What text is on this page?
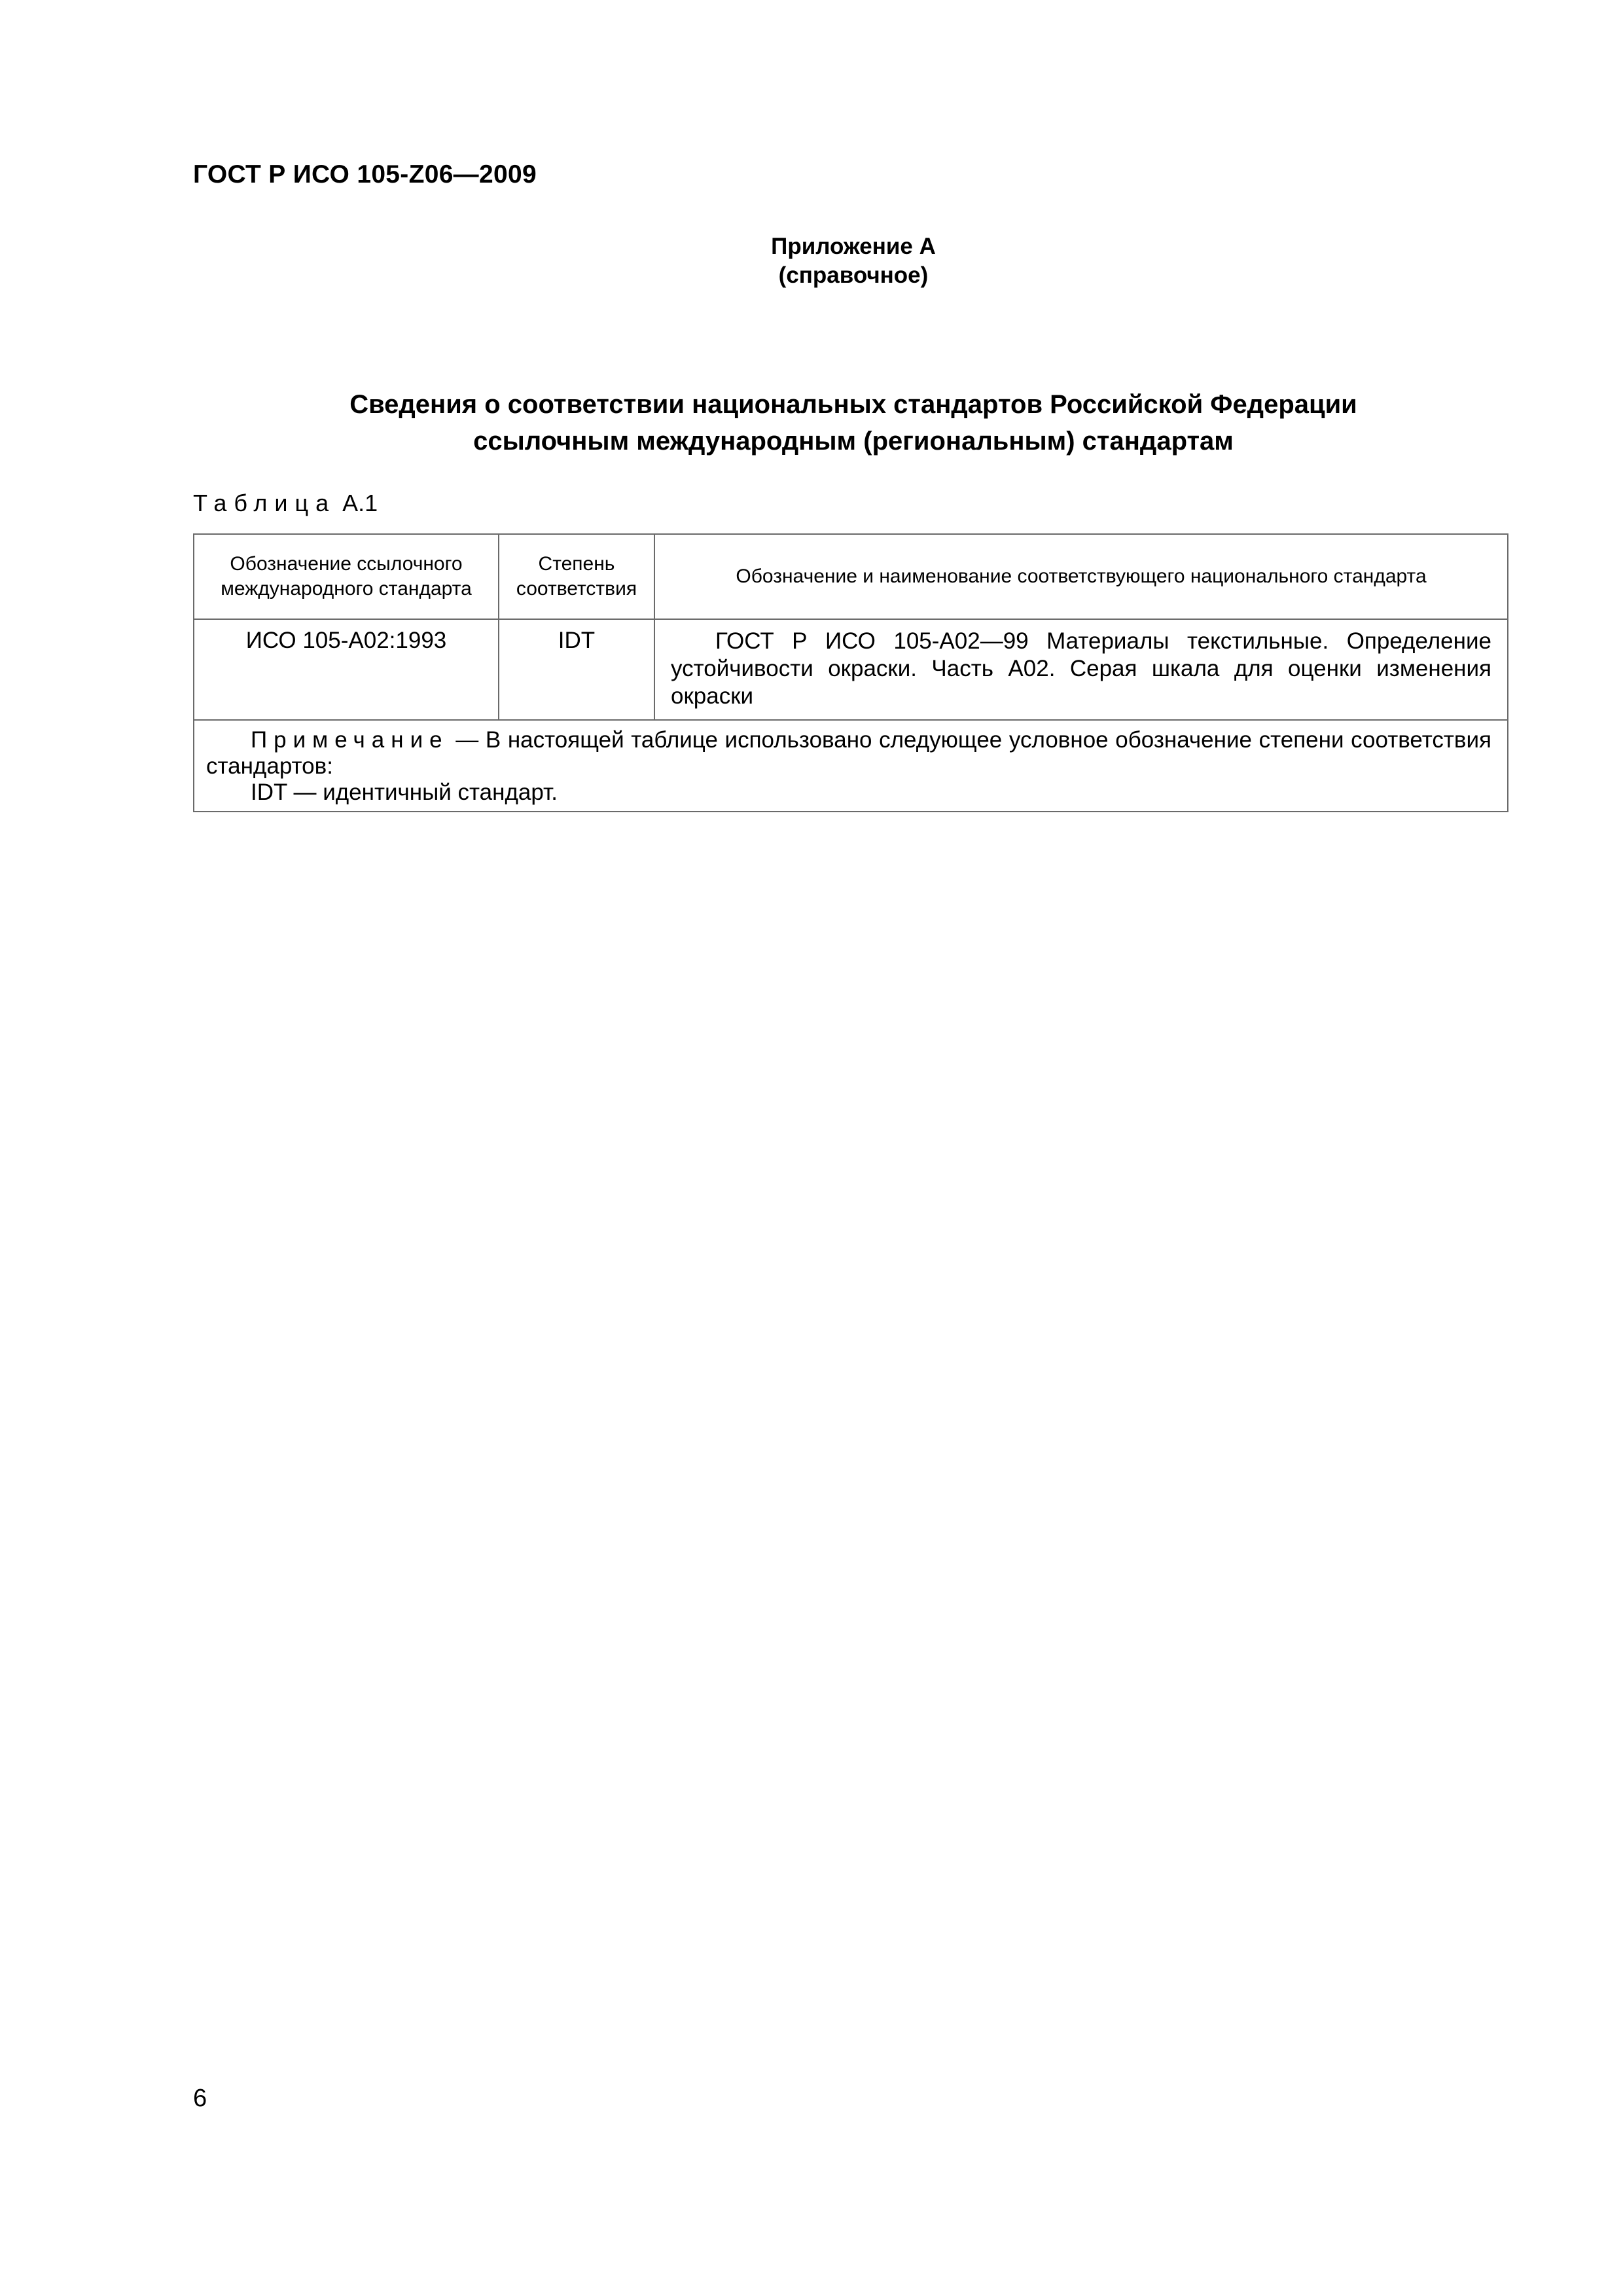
ГОСТ Р ИСО 105-Z06—2009
Приложение А
(справочное)
Сведения о соответствии национальных стандартов Российской Федерации
ссылочным международным (региональным) стандартам
Таблица А.1
Обозначение ссылочного международного стандарта	Степень соответствия	Обозначение и наименование соответствующего национального стандарта
ИСО 105-А02:1993	IDT	ГОСТ Р ИСО 105-А02—99 Материалы текстильные. Определение устойчивости окраски. Часть А02. Серая шкала для оценки изменения окраски

Примечание — В настоящей таблице использовано следующее условное обозначение степени соответствия стандартов:
IDT — идентичный стандарт.		
6
